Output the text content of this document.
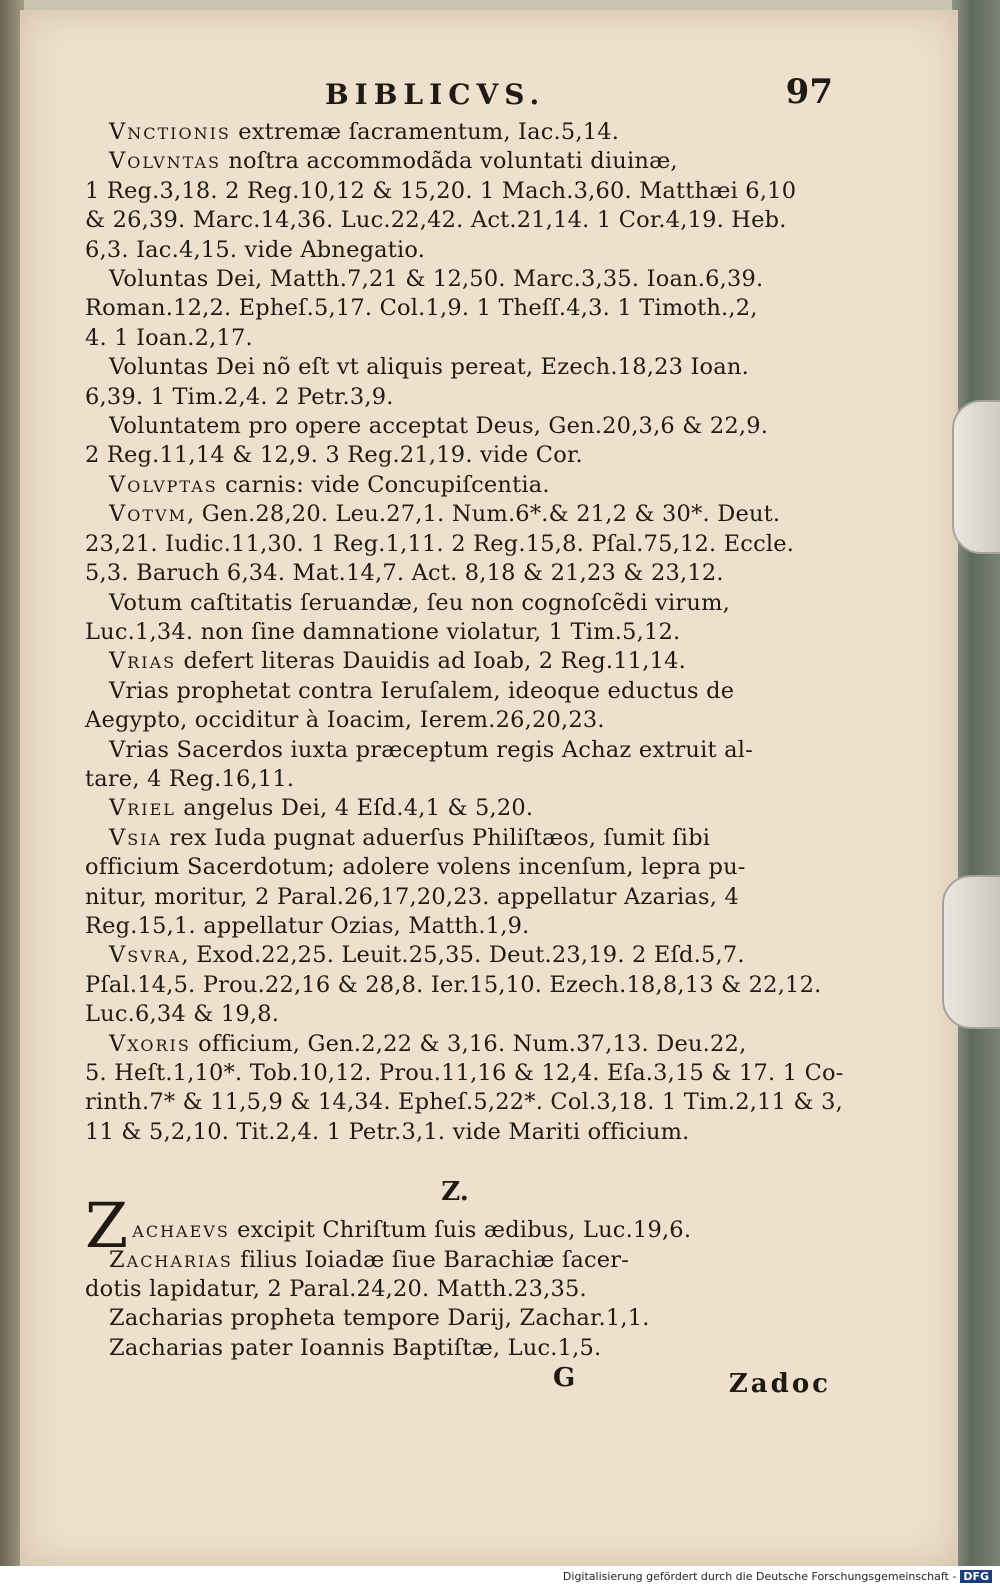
BIBLICVS.	97
Vnctionis extremæ ſacramentum, Iac.5,14.
Volvntas noſtra accommodãda voluntati diuinæ,
1 Reg.3,18. 2 Reg.10,12 & 15,20. 1 Mach.3,60. Matthæi 6,10
& 26,39. Marc.14,36. Luc.22,42. Act.21,14. 1 Cor.4,19. Heb.
6,3. Iac.4,15. vide Abnegatio.
Voluntas Dei, Matth.7,21 & 12,50. Marc.3,35. Ioan.6,39.
Roman.12,2. Epheſ.5,17. Col.1,9. 1 Theſſ.4,3. 1 Timoth.,2,
4. 1 Ioan.2,17.
Voluntas Dei nõ eſt vt aliquis pereat, Ezech.18,23 Ioan.
6,39. 1 Tim.2,4. 2 Petr.3,9.
Voluntatem pro opere acceptat Deus, Gen.20,3,6 & 22,9.
2 Reg.11,14 & 12,9. 3 Reg.21,19. vide Cor.
Volvptas carnis: vide Concupiſcentia.
Votvm, Gen.28,20. Leu.27,1. Num.6*.& 21,2 & 30*. Deut.
23,21. Iudic.11,30. 1 Reg.1,11. 2 Reg.15,8. Pſal.75,12. Eccle.
5,3. Baruch 6,34. Mat.14,7. Act. 8,18 & 21,23 & 23,12.
Votum caſtitatis ſeruandæ, ſeu non cognoſcẽdi virum,
Luc.1,34. non ſine damnatione violatur, 1 Tim.5,12.
Vrias defert literas Dauidis ad Ioab, 2 Reg.11,14.
Vrias prophetat contra Ieruſalem, ideoque eductus de
Aegypto, occiditur à Ioacim, Ierem.26,20,23.
Vrias Sacerdos iuxta præceptum regis Achaz extruit al-
tare, 4 Reg.16,11.
Vriel angelus Dei, 4 Eſd.4,1 & 5,20.
Vsia rex Iuda pugnat aduerſus Philiſtæos, ſumit ſibi
officium Sacerdotum; adolere volens incenſum, lepra pu-
nitur, moritur, 2 Paral.26,17,20,23. appellatur Azarias, 4
Reg.15,1. appellatur Ozias, Matth.1,9.
Vsvra, Exod.22,25. Leuit.25,35. Deut.23,19. 2 Eſd.5,7.
Pſal.14,5. Prou.22,16 & 28,8. Ier.15,10. Ezech.18,8,13 & 22,12.
Luc.6,34 & 19,8.
Vxoris officium, Gen.2,22 & 3,16. Num.37,13. Deu.22,
5. Heſt.1,10*. Tob.10,12. Prou.11,16 & 12,4. Eſa.3,15 & 17. 1 Co-
rinth.7* & 11,5,9 & 14,34. Epheſ.5,22*. Col.3,18. 1 Tim.2,11 & 3,
11 & 5,2,10. Tit.2,4. 1 Petr.3,1. vide Mariti officium.
Z.
Zachaevs excipit Chriſtum ſuis ædibus, Luc.19,6.
Zacharias filius Ioiadæ ſiue Barachiæ ſacer-
dotis lapidatur, 2 Paral.24,20. Matth.23,35.
Zacharias propheta tempore Darij, Zachar.1,1.
Zacharias pater Ioannis Baptiſtæ, Luc.1,5.
G	Zadoc
Digitalisierung gefördert durch die Deutsche Forschungsgemeinschaft - DFG
